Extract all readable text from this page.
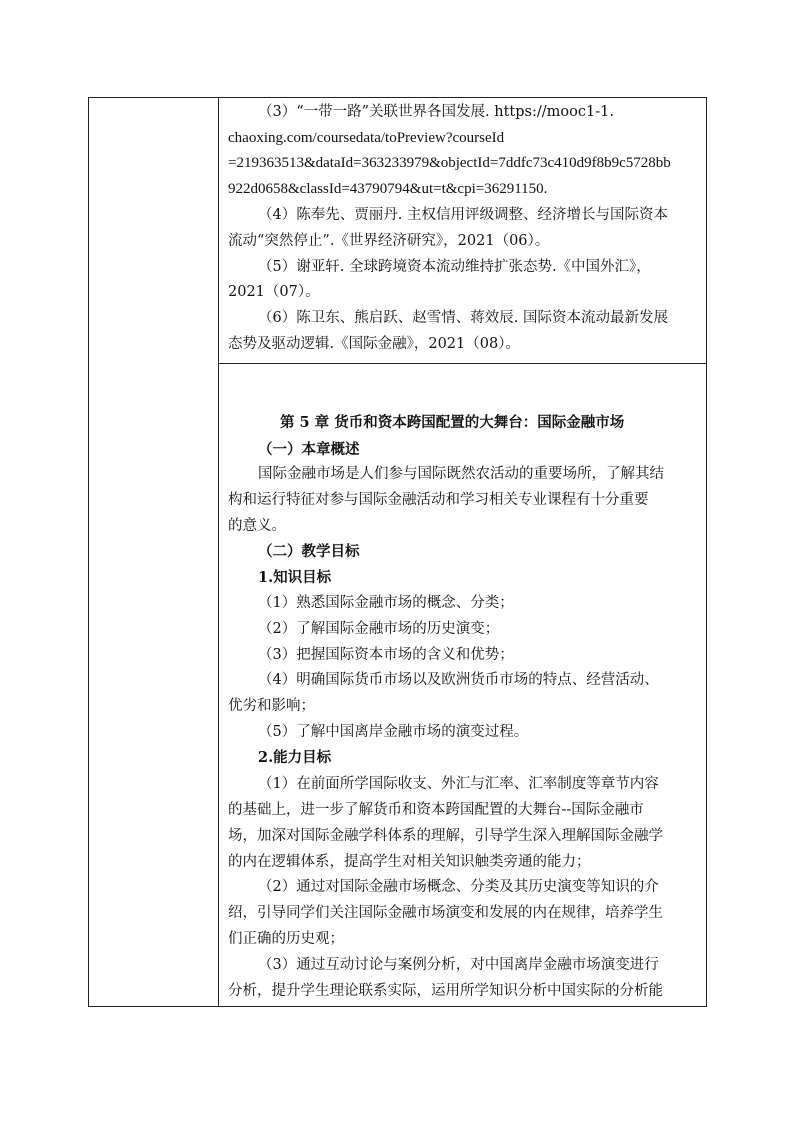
（3）“一带一路”关联世界各国发展. https://mooc1-1.
chaoxing.com/coursedata/toPreview?courseId
=219363513&dataId=363233979&objectId=7ddfc73c410d9f8b9c5728bb
922d0658&classId=43790794&ut=t&cpi=36291150.
（4）陈奉先、贾丽丹. 主权信用评级调整、经济增长与国际资本
流动“突然停止”.《世界经济研究》，2021（06）。
（5）谢亚轩. 全球跨境资本流动维持扩张态势.《中国外汇》，
2021（07）。
（6）陈卫东、熊启跃、赵雪情、蒋效辰. 国际资本流动最新发展
态势及驱动逻辑.《国际金融》，2021（08）。
第 5 章 货币和资本跨国配置的大舞台：国际金融市场
（一）本章概述
国际金融市场是人们参与国际既然农活动的重要场所，了解其结
构和运行特征对参与国际金融活动和学习相关专业课程有十分重要
的意义。
（二）教学目标
1.知识目标
（1）熟悉国际金融市场的概念、分类；
（2）了解国际金融市场的历史演变；
（3）把握国际资本市场的含义和优势；
（4）明确国际货币市场以及欧洲货币市场的特点、经营活动、
优劣和影响；
（5）了解中国离岸金融市场的演变过程。
2.能力目标
（1）在前面所学国际收支、外汇与汇率、汇率制度等章节内容
的基础上，进一步了解货币和资本跨国配置的大舞台--国际金融市
场，加深对国际金融学科体系的理解，引导学生深入理解国际金融学
的内在逻辑体系，提高学生对相关知识触类旁通的能力；
（2）通过对国际金融市场概念、分类及其历史演变等知识的介
绍，引导同学们关注国际金融市场演变和发展的内在规律，培养学生
们正确的历史观；
（3）通过互动讨论与案例分析，对中国离岸金融市场演变进行
分析，提升学生理论联系实际，运用所学知识分析中国实际的分析能
